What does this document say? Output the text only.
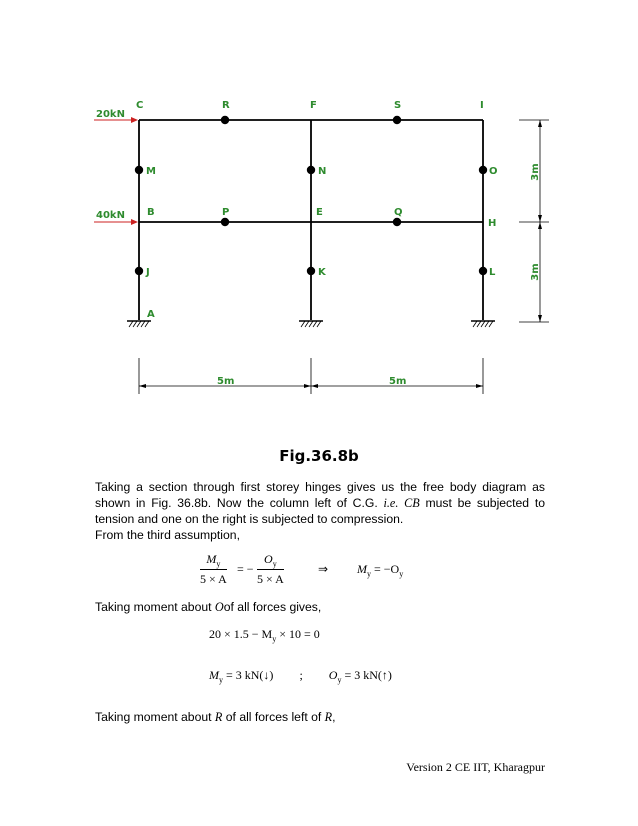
20kN
40kN
C	R	F	S	I
M	N	O
B	P	E	Q
H
J	K	L
A
5m	5m
3m
3m
Fig.36.8b
Taking a section through first storey hinges gives us the free body diagram as shown in Fig. 36.8b. Now the column left of C.G. i.e. CB must be subjected to tension and one on the right is subjected to compression.
From the third assumption,
$\frac{M_y}{5 \times A}$ = − $\frac{O_y}{5 \times A}$	⇒ $M_y = -O_y$
Taking moment about Oof all forces gives,
$20 \times 1.5 - M_y \times 10 = 0$
$M_y = 3$ kN(↓) ; $O_y = 3$ kN(↑)
Taking moment about R of all forces left of R,
Version 2 CE IIT, Kharagpur
